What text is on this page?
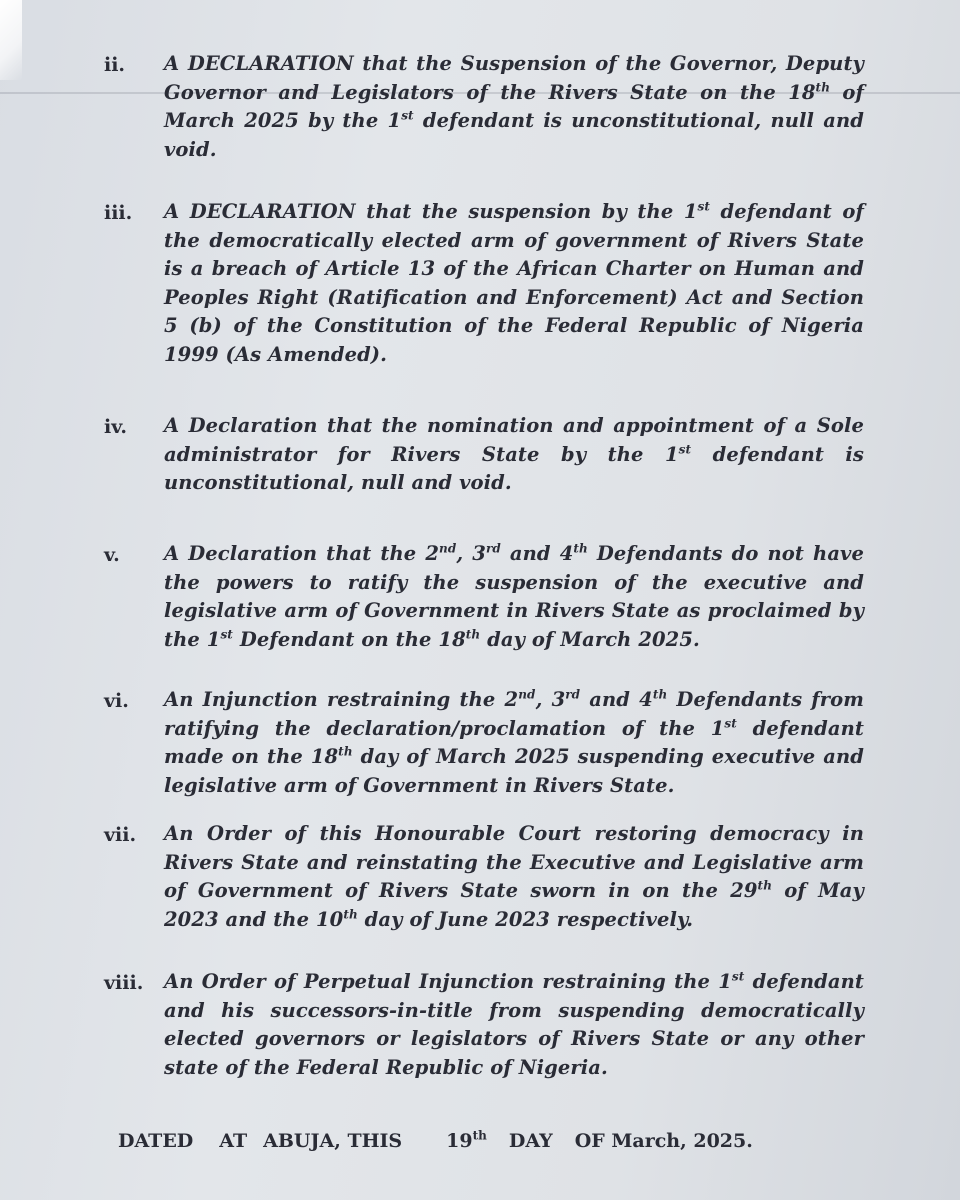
ii.	A DECLARATION that the Suspension of the Governor, Deputy Governor and Legislators of the Rivers State on the 18th of March 2025 by the 1st defendant is unconstitutional, null and void.
iii.	A DECLARATION that the suspension by the 1st defendant of the democratically elected arm of government of Rivers State is a breach of Article 13 of the African Charter on Human and Peoples Right (Ratification and Enforcement) Act and Section 5 (b) of the Constitution of the Federal Republic of Nigeria 1999 (As Amended).
iv.	A Declaration that the nomination and appointment of a Sole administrator for Rivers State by the 1st defendant is unconstitutional, null and void.
v.	A Declaration that the 2nd, 3rd and 4th Defendants do not have the powers to ratify the suspension of the executive and legislative arm of Government in Rivers State as proclaimed by the 1st Defendant on the 18th day of March 2025.
vi.	An Injunction restraining the 2nd, 3rd and 4th Defendants from ratifying the declaration/proclamation of the 1st defendant made on the 18th day of March 2025 suspending executive and legislative arm of Government in Rivers State.
vii.	An Order of this Honourable Court restoring democracy in Rivers State and reinstating the Executive and Legislative arm of Government of Rivers State sworn in on the 29th of May 2023 and the 10th day of June 2023 respectively.
viii.	An Order of Perpetual Injunction restraining the 1st defendant and his successors-in-title from suspending democratically elected governors or legislators of Rivers State or any other state of the Federal Republic of Nigeria.
DATED AT ABUJA, THIS 19th DAY OF March, 2025.
